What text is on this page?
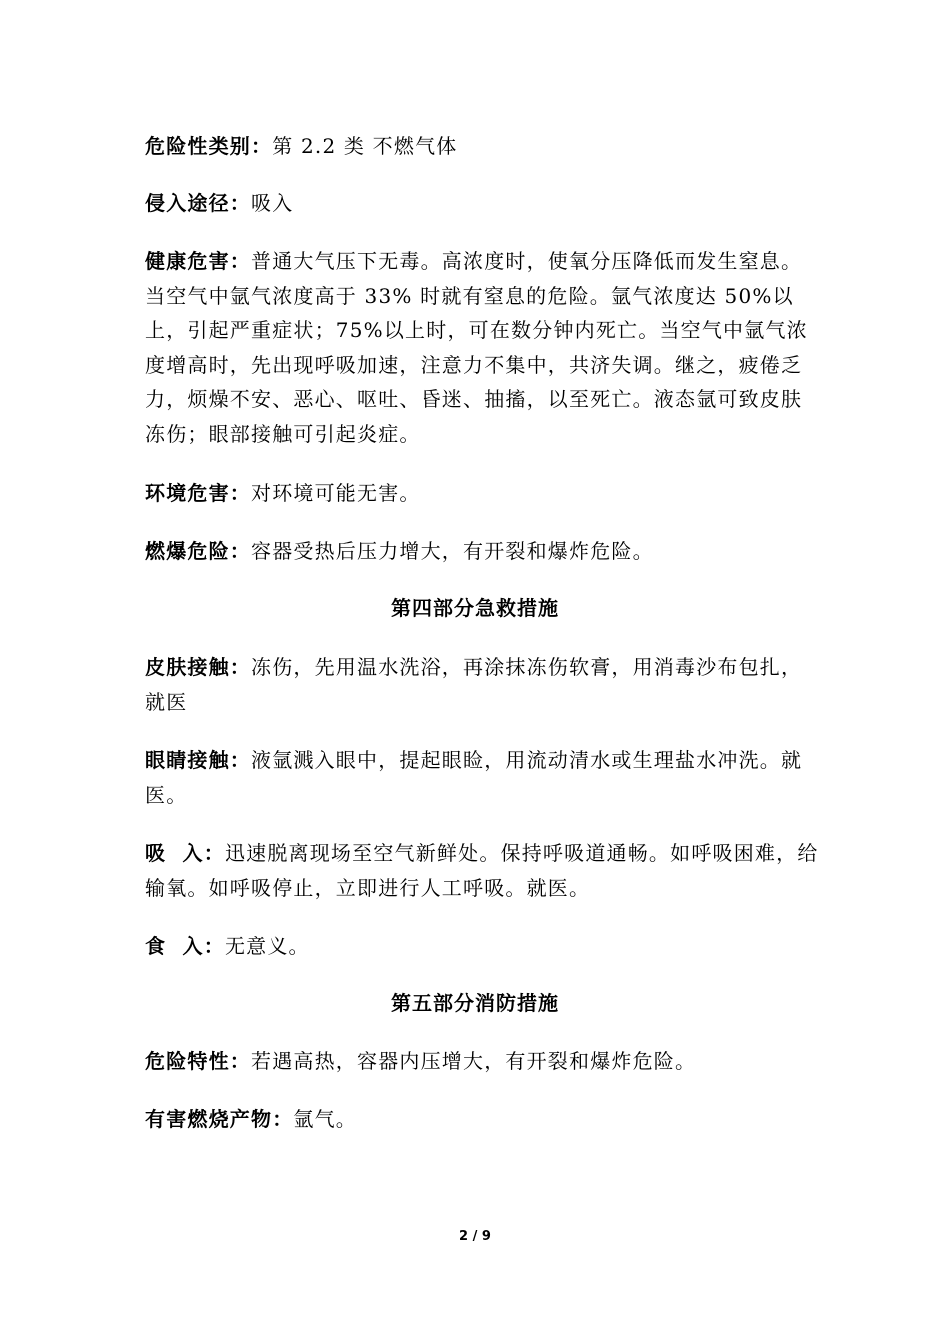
危险性类别：第 2.2 类 不燃气体

侵入途径：吸入

健康危害：普通大气压下无毒。高浓度时，使氧分压降低而发生窒息。当空气中氩气浓度高于 33% 时就有窒息的危险。氩气浓度达 50%以上，引起严重症状；75%以上时，可在数分钟内死亡。当空气中氩气浓度增高时，先出现呼吸加速，注意力不集中，共济失调。继之，疲倦乏力，烦燥不安、恶心、呕吐、昏迷、抽搐，以至死亡。液态氩可致皮肤冻伤；眼部接触可引起炎症。

环境危害：对环境可能无害。

燃爆危险：容器受热后压力增大，有开裂和爆炸危险。

第四部分急救措施

皮肤接触：冻伤，先用温水洗浴，再涂抹冻伤软膏，用消毒沙布包扎，就医

眼睛接触：液氩溅入眼中，提起眼睑，用流动清水或生理盐水冲洗。就医。

吸  入：迅速脱离现场至空气新鲜处。保持呼吸道通畅。如呼吸困难，给输氧。如呼吸停止，立即进行人工呼吸。就医。

食  入：无意义。

第五部分消防措施

危险特性：若遇高热，容器内压增大，有开裂和爆炸危险。

有害燃烧产物：氩气。

2 / 9
